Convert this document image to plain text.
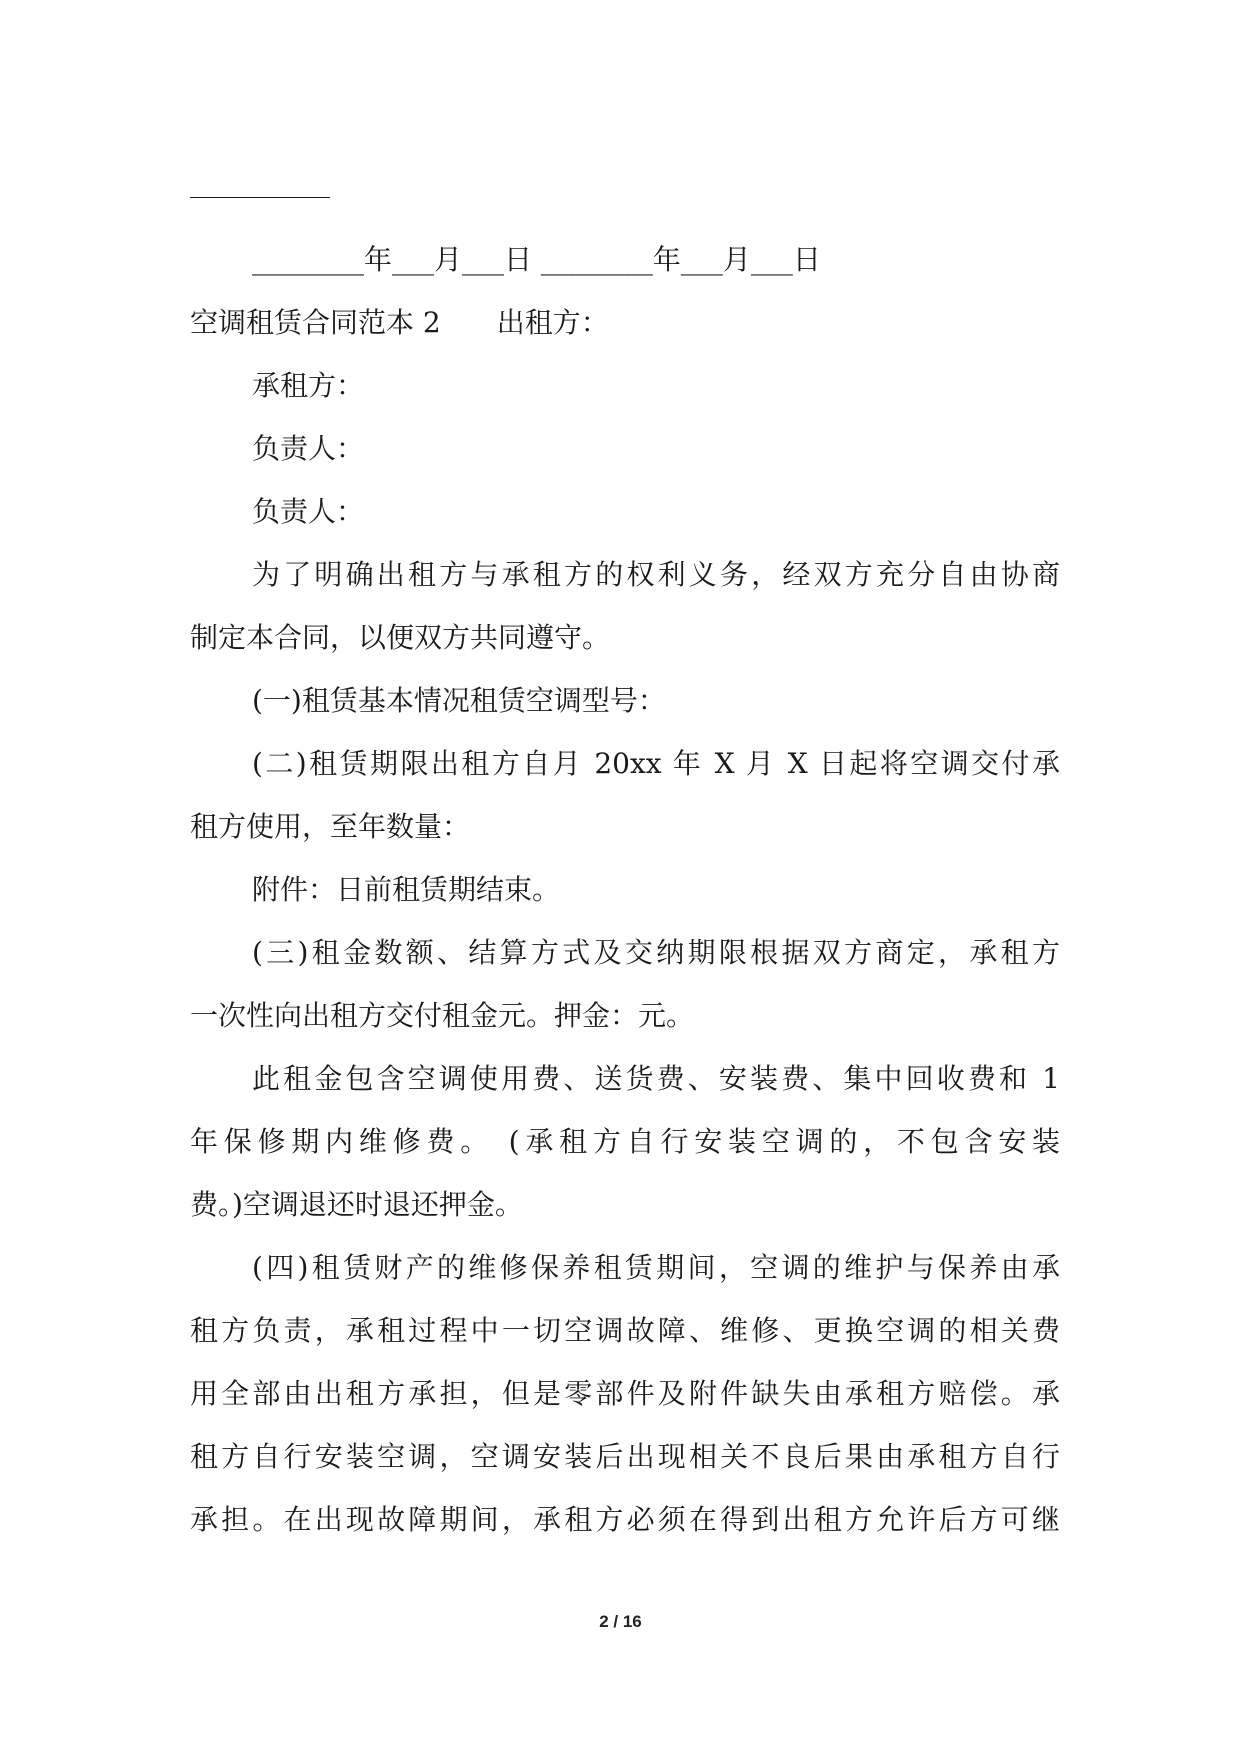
________年___月___日 ________年___月___日
空调租赁合同范本 2　　出租方：
承租方：
负责人：
负责人：
为了明确出租方与承租方的权利义务，经双方充分自由协商
制定本合同，以便双方共同遵守。
(一)租赁基本情况租赁空调型号：
(二)租赁期限出租方自月 20xx 年 X 月 X 日起将空调交付承
租方使用，至年数量：
附件：日前租赁期结束。
(三)租金数额、结算方式及交纳期限根据双方商定，承租方
一次性向出租方交付租金元。押金：元。
此租金包含空调使用费、送货费、安装费、集中回收费和 1
年保修期内维修费。 (承租方自行安装空调的，不包含安装
费。)空调退还时退还押金。
(四)租赁财产的维修保养租赁期间，空调的维护与保养由承
租方负责，承租过程中一切空调故障、维修、更换空调的相关费
用全部由出租方承担，但是零部件及附件缺失由承租方赔偿。承
租方自行安装空调，空调安装后出现相关不良后果由承租方自行
承担。在出现故障期间，承租方必须在得到出租方允许后方可继
2 / 16
